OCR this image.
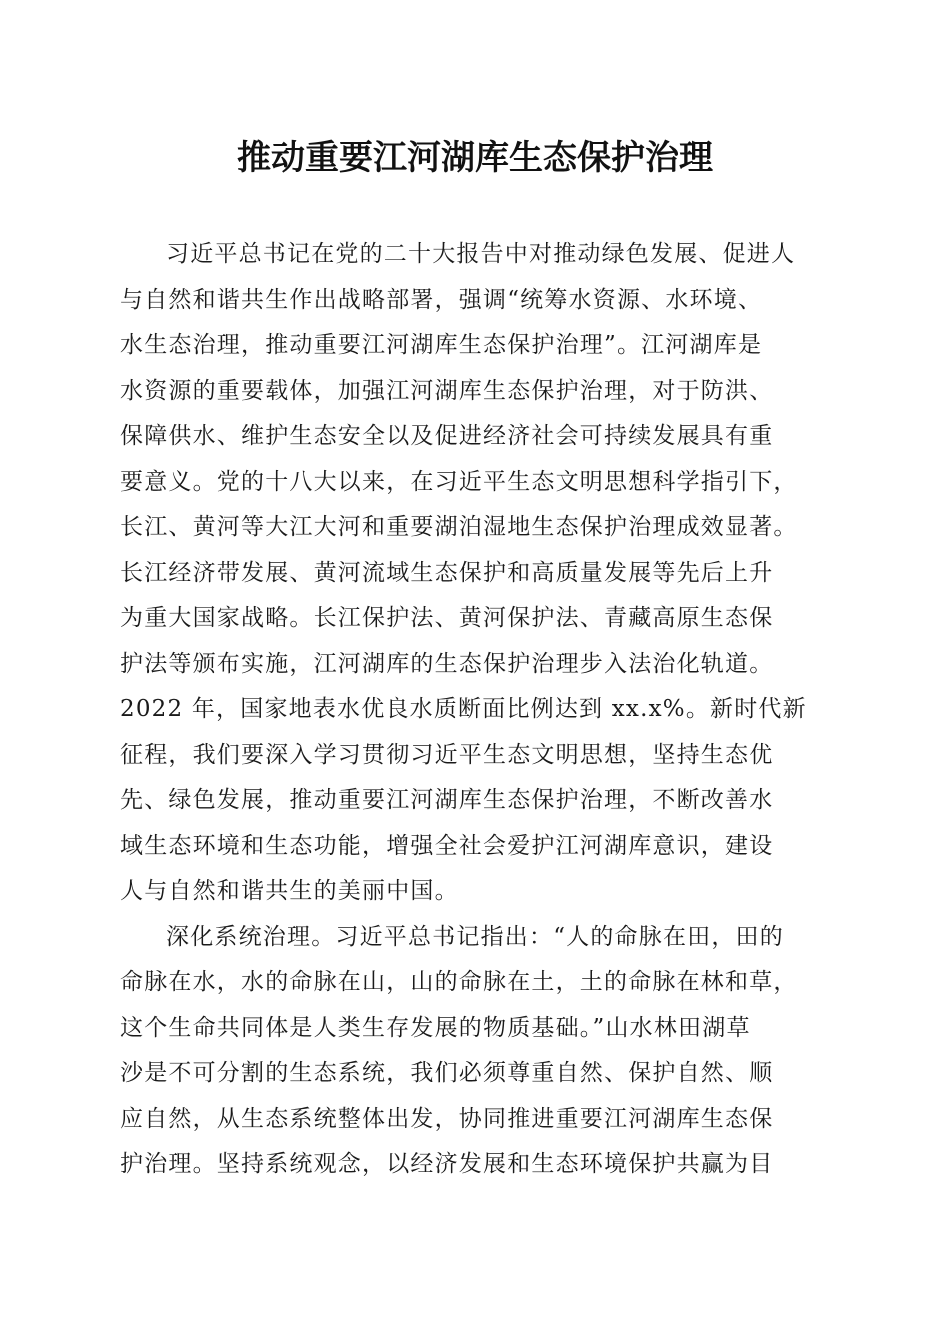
推动重要江河湖库生态保护治理

习近平总书记在党的二十大报告中对推动绿色发展、促进人
与自然和谐共生作出战略部署，强调“统筹水资源、水环境、
水生态治理，推动重要江河湖库生态保护治理”。江河湖库是
水资源的重要载体，加强江河湖库生态保护治理，对于防洪、
保障供水、维护生态安全以及促进经济社会可持续发展具有重
要意义。党的十八大以来，在习近平生态文明思想科学指引下，
长江、黄河等大江大河和重要湖泊湿地生态保护治理成效显著。
长江经济带发展、黄河流域生态保护和高质量发展等先后上升
为重大国家战略。长江保护法、黄河保护法、青藏高原生态保
护法等颁布实施，江河湖库的生态保护治理步入法治化轨道。
2022 年，国家地表水优良水质断面比例达到 xx.x%。新时代新
征程，我们要深入学习贯彻习近平生态文明思想，坚持生态优
先、绿色发展，推动重要江河湖库生态保护治理，不断改善水
域生态环境和生态功能，增强全社会爱护江河湖库意识，建设
人与自然和谐共生的美丽中国。

深化系统治理。习近平总书记指出：“人的命脉在田，田的
命脉在水，水的命脉在山，山的命脉在土，土的命脉在林和草，
这个生命共同体是人类生存发展的物质基础。”山水林田湖草
沙是不可分割的生态系统，我们必须尊重自然、保护自然、顺
应自然，从生态系统整体出发，协同推进重要江河湖库生态保
护治理。坚持系统观念，以经济发展和生态环境保护共赢为目
